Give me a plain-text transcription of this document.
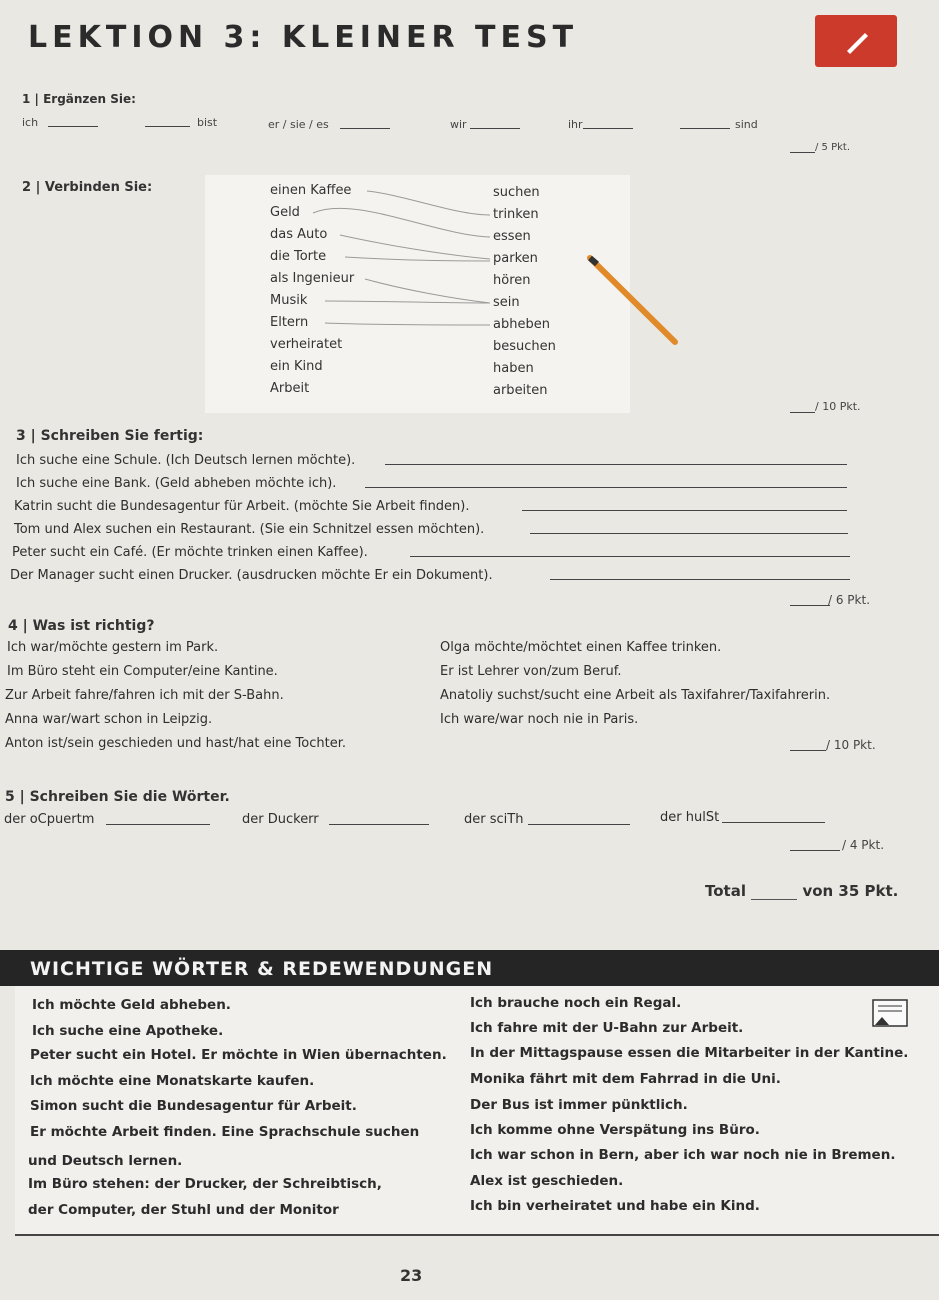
LEKTION 3: KLEINER TEST
1 | Ergänzen Sie:
ich	bist	er / sie / es	wir	ihr	sind
/ 5 Pkt.
2 | Verbinden Sie:	einen Kaffee
Geld
das Auto
die Torte
als Ingenieur
Musik
Eltern
verheiratet
ein Kind
Arbeit
suchen
trinken
essen
parken
hören
sein
abheben
besuchen
haben
arbeiten
/ 10 Pkt.
3 | Schreiben Sie fertig:
Ich suche eine Schule. (Ich Deutsch lernen möchte).
Ich suche eine Bank. (Geld abheben möchte ich).
Katrin sucht die Bundesagentur für Arbeit. (möchte Sie Arbeit finden).
Tom und Alex suchen ein Restaurant. (Sie ein Schnitzel essen möchten).
Peter sucht ein Café. (Er möchte trinken einen Kaffee).
Der Manager sucht einen Drucker. (ausdrucken möchte Er ein Dokument).
/ 6 Pkt.
4 | Was ist richtig?
Ich war/möchte gestern im Park.
Im Büro steht ein Computer/eine Kantine.
Zur Arbeit fahre/fahren ich mit der S-Bahn.
Anna war/wart schon in Leipzig.
Anton ist/sein geschieden und hast/hat eine Tochter.
Olga möchte/möchtet einen Kaffee trinken.
Er ist Lehrer von/zum Beruf.
Anatoliy suchst/sucht eine Arbeit als Taxifahrer/Taxifahrerin.
Ich ware/war noch nie in Paris.
/ 10 Pkt.
5 | Schreiben Sie die Wörter.
der oCpuertm	der Duckerr	der sciTh	der hulSt
/ 4 Pkt.
Total	von 35 Pkt.
WICHTIGE WÖRTER & REDEWENDUNGEN
Ich möchte Geld abheben.
Ich suche eine Apotheke.
Peter sucht ein Hotel. Er möchte in Wien übernachten.
Ich möchte eine Monatskarte kaufen.
Simon sucht die Bundesagentur für Arbeit.
Er möchte Arbeit finden. Eine Sprachschule suchen
und Deutsch lernen.
Im Büro stehen: der Drucker, der Schreibtisch,
der Computer, der Stuhl und der Monitor
Ich brauche noch ein Regal.
Ich fahre mit der U-Bahn zur Arbeit.
In der Mittagspause essen die Mitarbeiter in der Kantine.
Monika fährt mit dem Fahrrad in die Uni.
Der Bus ist immer pünktlich.
Ich komme ohne Verspätung ins Büro.
Ich war schon in Bern, aber ich war noch nie in Bremen.
Alex ist geschieden.
Ich bin verheiratet und habe ein Kind.
23
